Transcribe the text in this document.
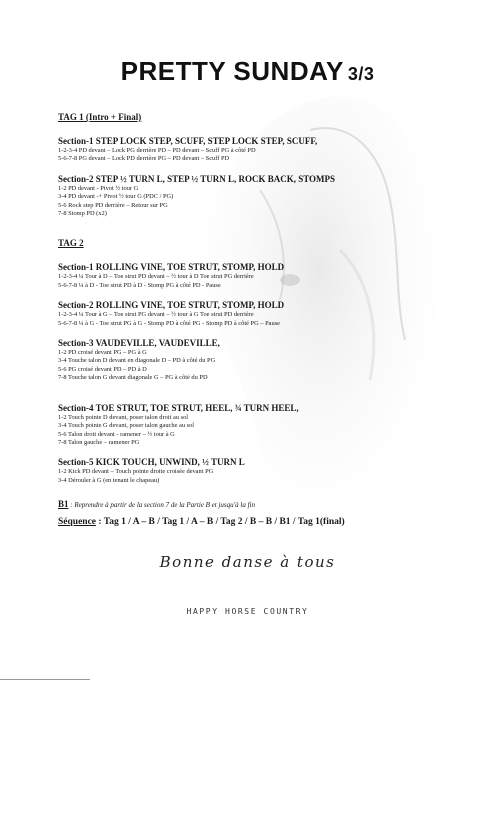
PRETTY SUNDAY 3/3

TAG 1 (Intro + Final)

Section-1 STEP LOCK STEP, SCUFF, STEP LOCK STEP, SCUFF,

1-2-3-4 PD devant – Lock PG derrière PD – PD devant – Scuff PG à côté PD

5-6-7-8 PG devant – Lock PD derrière PG – PD devant – Scuff PD

Section-2 STEP ½ TURN L, STEP ½ TURN L, ROCK BACK, STOMPS

1-2 PD devant - Pivot ½ tour G

3-4 PD devant -+ Pivot ½ tour G (PDC / PG)

5-6 Rock step PD derrière – Retour sur PG

7-8 Stomp PD (x2)

TAG 2

Section-1 ROLLING VINE, TOE STRUT, STOMP, HOLD

1-2-3-4 ¼ Tour à D – Toe strut PD devant – ½ tour à D Toe strut PG derrière

5-6-7-8 ¼ à D - Toe strut PD à D - Stomp PG à côté PD - Pause

Section-2 ROLLING VINE, TOE STRUT, STOMP, HOLD

1-2-3-4 ¼ Tour à G – Toe strut PG devant – ½ tour à G Toe strut PD derrière

5-6-7-8 ¼ à G - Toe strut PG à G - Stomp PD à côté PG - Stomp PD à côté PG – Pause

Section-3 VAUDEVILLE, VAUDEVILLE,

1-2 PD croisé devant PG – PG à G

3-4 Touche talon D devant en diagonale D – PD à côté du PG

5-6 PG croisé devant PD – PD à D

7-8 Touche talon G devant diagonale G – PG à côté du PD

Section-4 TOE STRUT, TOE STRUT, HEEL, ¾ TURN HEEL,

1-2 Touch pointe D devant, poser talon droit au sol

3-4 Touch pointe G devant, poser talon gauche au sol

5-6 Talon droit devant - ramener – ½ tour à G

7-8 Talon gauche – ramener PG

Section-5 KICK TOUCH, UNWIND, ½ TURN L

1-2 Kick PD devant – Touch pointe droite croisée devant PG

3-4 Dérouler à G (en tenant le chapeau)

B1 : Reprendre à partir de la section 7 de la Partie B et jusqu'à la fin

Séquence : Tag 1 / A – B / Tag 1 / A – B / Tag 2 / B – B / B1 / Tag 1(final)

Bonne danse à tous
HAPPY HORSE COUNTRY
